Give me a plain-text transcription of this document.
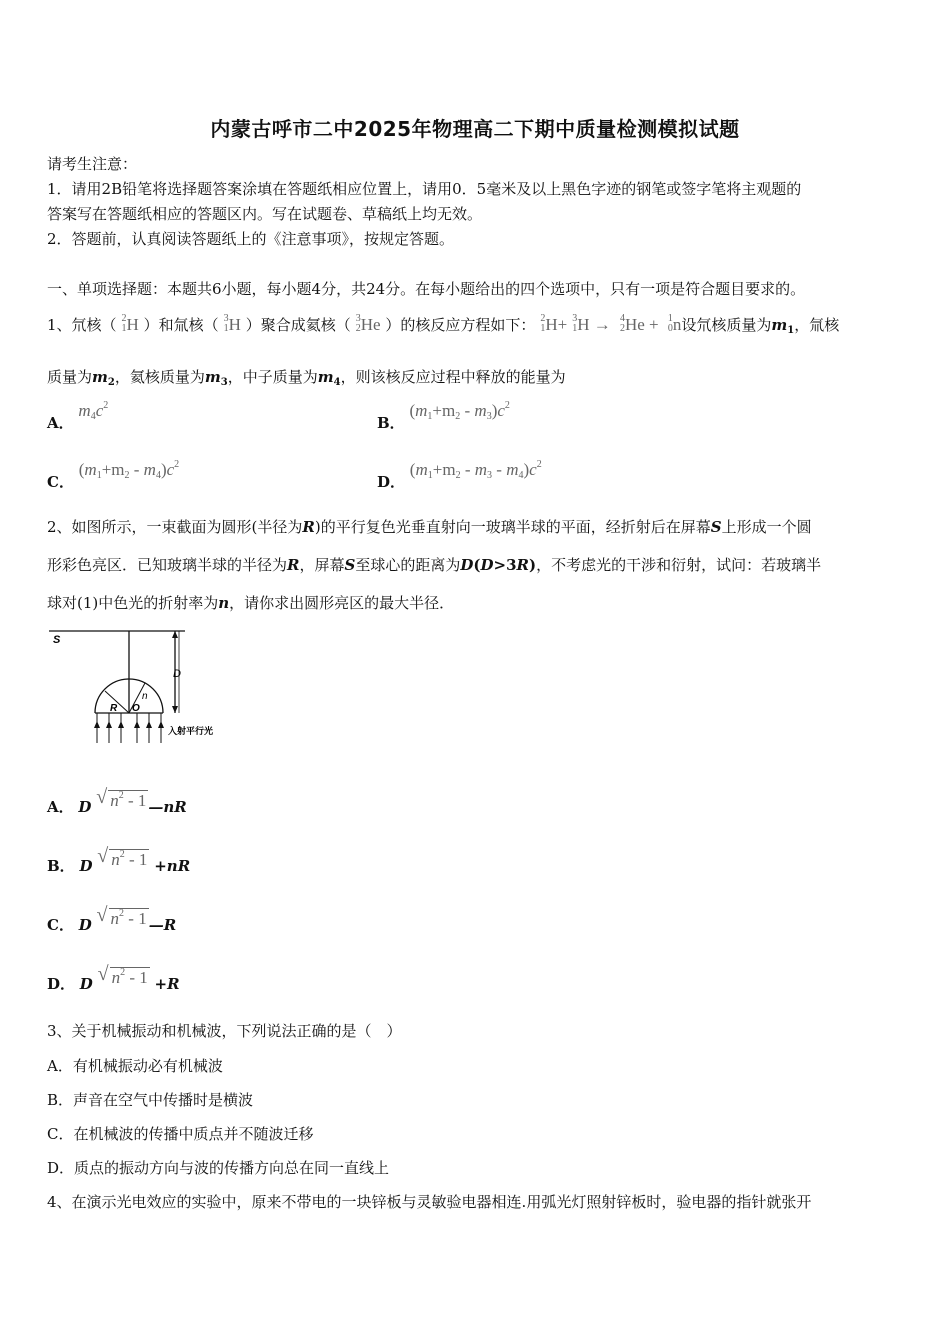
内蒙古呼市二中2025年物理高二下期中质量检测模拟试题
请考生注意：
1．请用2B铅笔将选择题答案涂填在答题纸相应位置上，请用0．5毫米及以上黑色字迹的钢笔或签字笔将主观题的
答案写在答题纸相应的答题区内。写在试题卷、草稿纸上均无效。
2．答题前，认真阅读答题纸上的《注意事项》，按规定答题。
一、单项选择题：本题共6小题，每小题4分，共24分。在每小题给出的四个选项中，只有一项是符合题目要求的。
1、氘核（ 2
1 H ）和氚核（ 3
1 H ）聚合成氦核（ 3
2 He ）的核反应方程如下： 2
1 H+ 3
1 H → 4
2 He + 1
0 n设氘核质量为$m_1$，氚核
质量为$m_2$，氦核质量为$m_3$，中子质量为$m_4$，则该核反应过程中释放的能量为
A． $m_4c^2$
B． $(m_1+m_2 - m_3)c^2$
C． $(m_1+m_2 - m_4)c^2$
D． $(m_1+m_2 - m_3 - m_4)c^2$
2、如图所示，一束截面为圆形(半径为R)的平行复色光垂直射向一玻璃半球的平面，经折射后在屏幕S上形成一个圆
形彩色亮区．已知玻璃半球的半径为R，屏幕S至球心的距离为D(D>3R)，不考虑光的干涉和衍射，试问：若玻璃半
球对(1)中色光的折射率为n，请你求出圆形亮区的最大半径．
S
D
n
R O
入射平行光
A． D √ $n^2 - 1$ —nR
B． D √ $n^2 - 1 +nR$
C． D √ $n^2 - 1$ —R
D． D √ $n^2 - 1 +R$
3、关于机械振动和机械波，下列说法正确的是（　）
A．有机械振动必有机械波
B．声音在空气中传播时是横波
C．在机械波的传播中质点并不随波迁移
D．质点的振动方向与波的传播方向总在同一直线上
4、在演示光电效应的实验中，原来不带电的一块锌板与灵敏验电器相连.用弧光灯照射锌板时，验电器的指针就张开
